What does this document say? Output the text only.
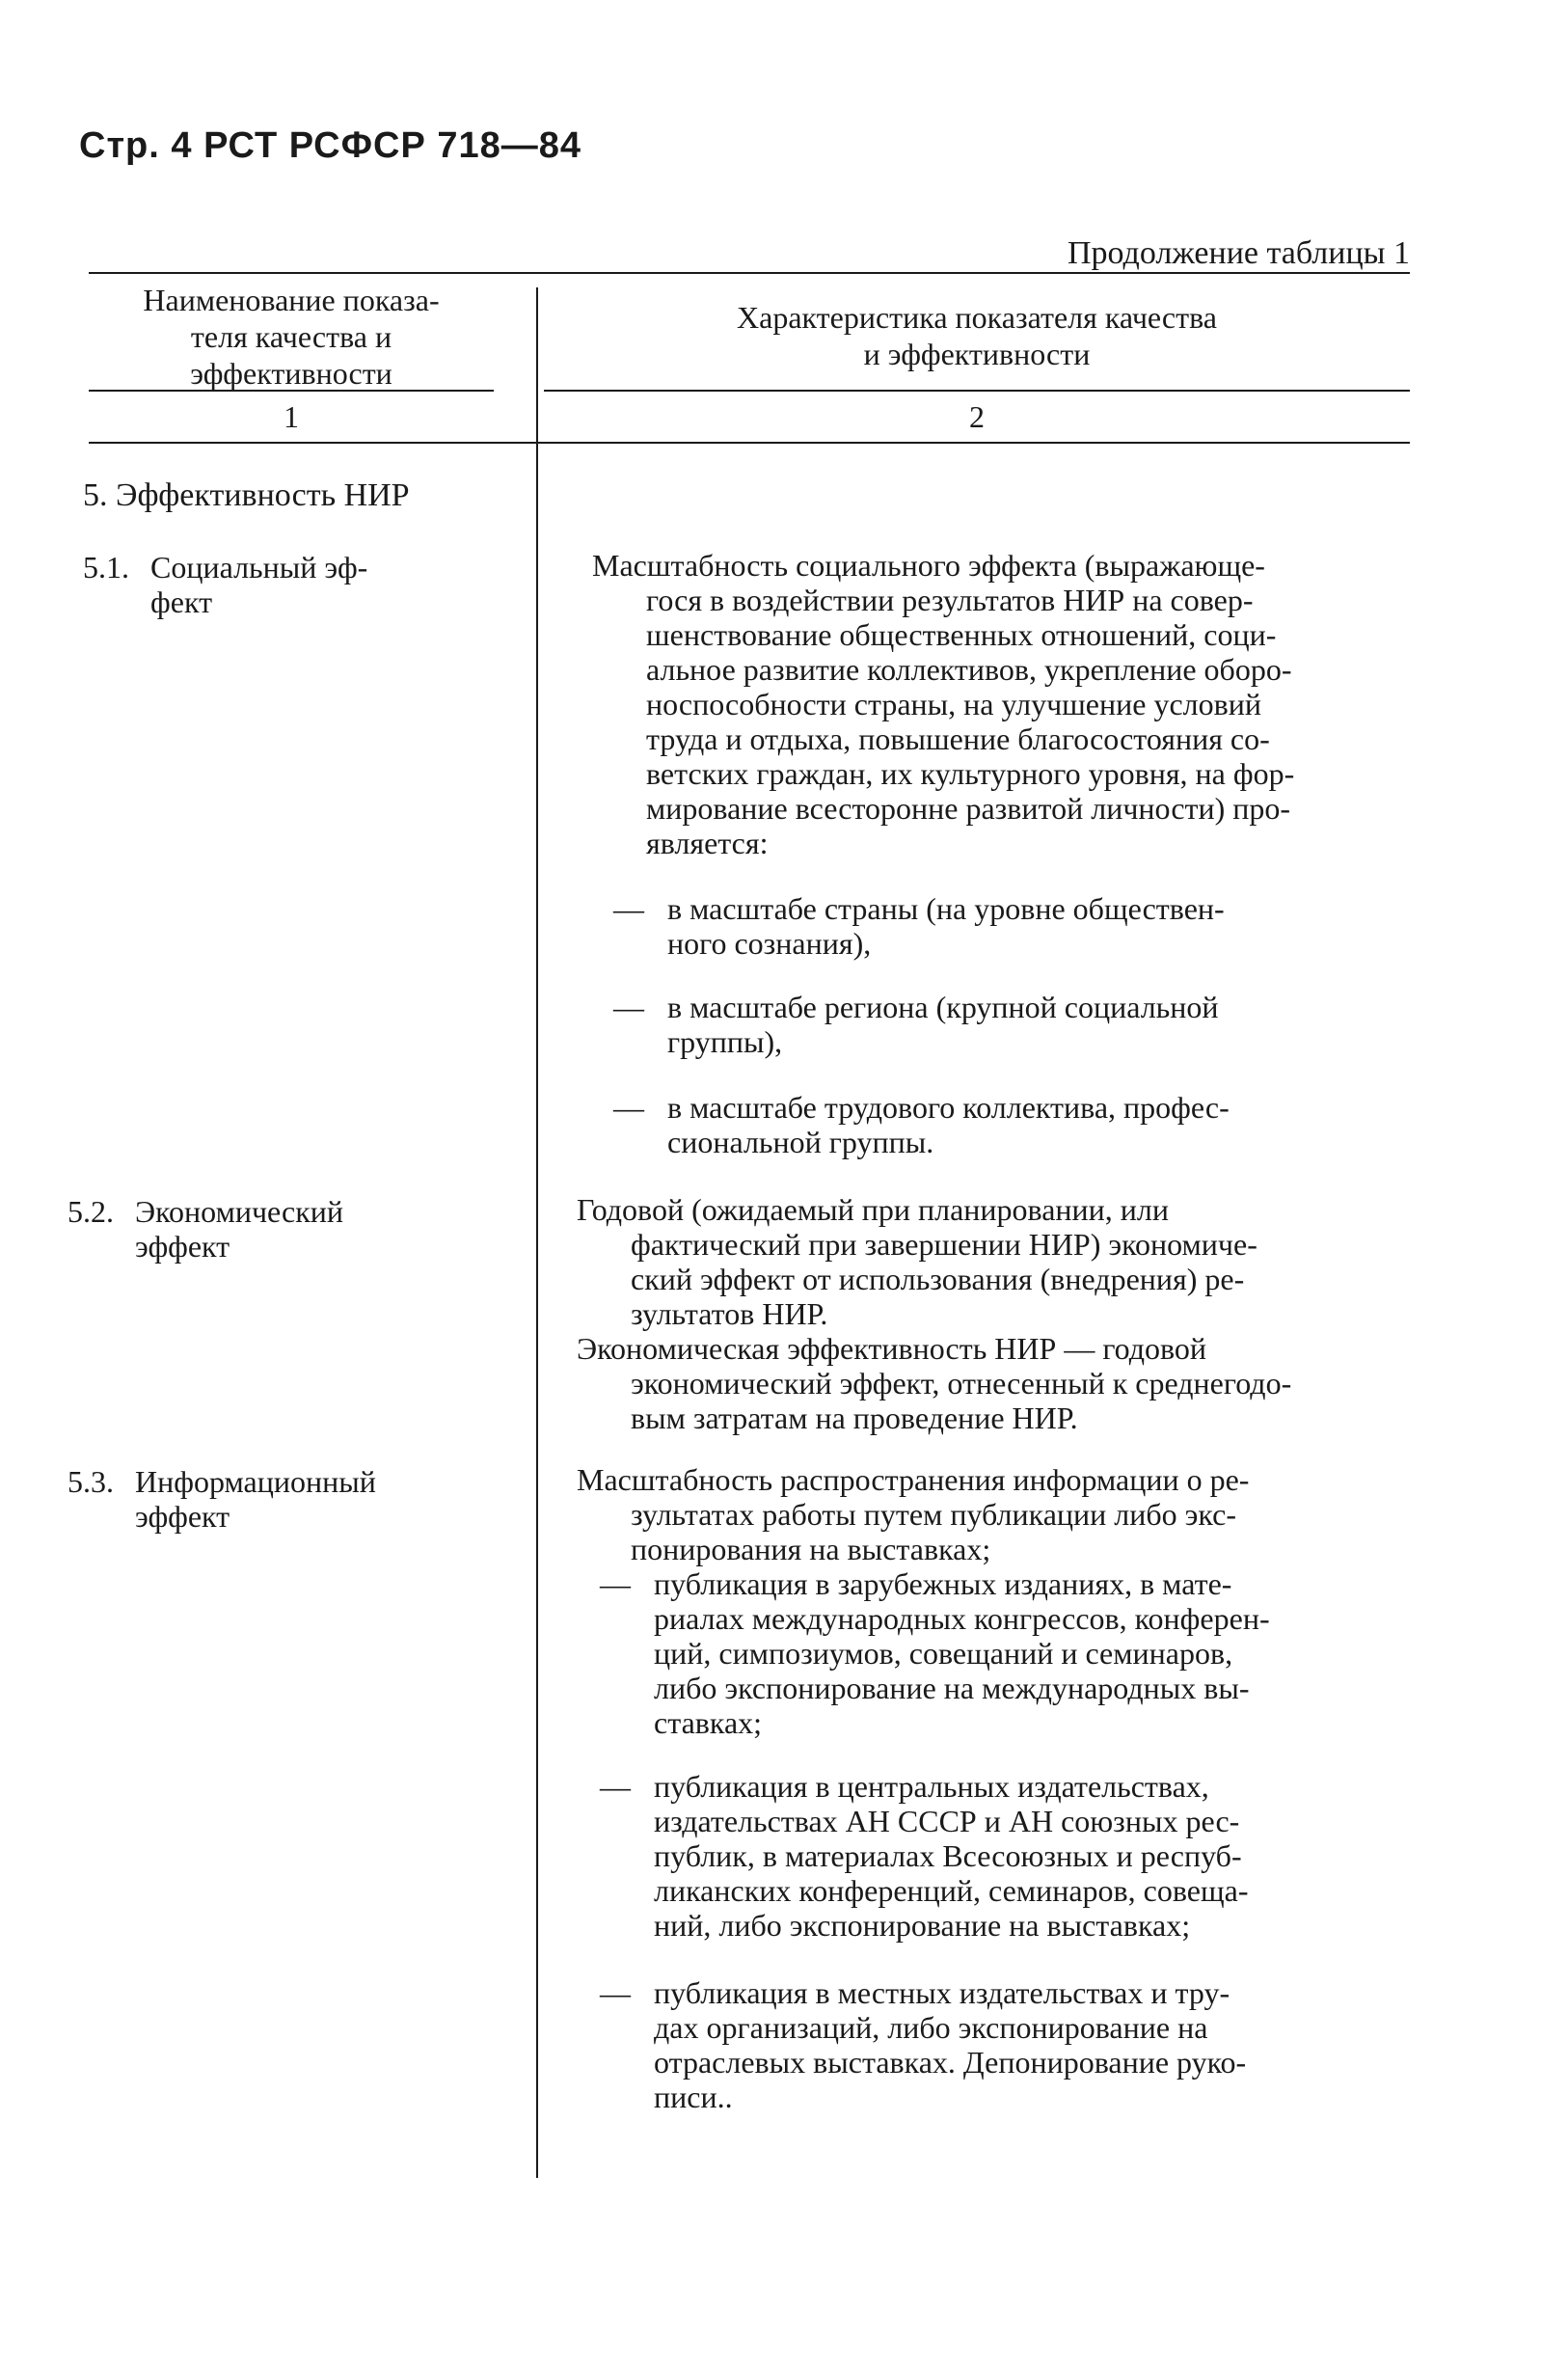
Стр. 4 РСТ РСФСР 718—84
Продолжение таблицы 1
Наименование показа-
теля качества и
эффективности
Характеристика показателя качества
и эффективности
1	2
5. Эффективность НИР
5.1. Социальный эф-
фект

Масштабность социального эффекта (выражающе-

гося в воздействии результатов НИР на совер-
шенствование общественных отношений, соци-
альное развитие коллективов, укрепление оборо-
носпособности страны, на улучшение условий
труда и отдыха, повышение благосостояния со-
ветских граждан, их культурного уровня, на фор-
мирование всесторонне развитой личности) про-
является:

— в масштабе страны (на уровне обществен-
ного сознания),
— в масштабе региона (крупной социальной
группы),
— в масштабе трудового коллектива, профес-
сиональной группы.
5.2. Экономический
эффект

Годовой (ожидаемый при планировании, или

фактический при завершении НИР) экономиче-
ский эффект от использования (внедрения) ре-
зультатов НИР.

Экономическая эффективность НИР — годовой

экономический эффект, отнесенный к среднегодо-
вым затратам на проведение НИР.

5.3. Информационный
эффект

Масштабность распространения информации о ре-

зультатах работы путем публикации либо экс-
понирования на выставках;

— публикация в зарубежных изданиях, в мате-
риалах международных конгрессов, конферен-
ций, симпозиумов, совещаний и семинаров,
либо экспонирование на международных вы-
ставках;
— публикация в центральных издательствах,
издательствах АН СССР и АН союзных рес-
публик, в материалах Всесоюзных и респуб-
ликанских конференций, семинаров, совеща-
ний, либо экспонирование на выставках;
— публикация в местных издательствах и тру-
дах организаций, либо экспонирование на
отраслевых выставках. Депонирование руко-
писи..
